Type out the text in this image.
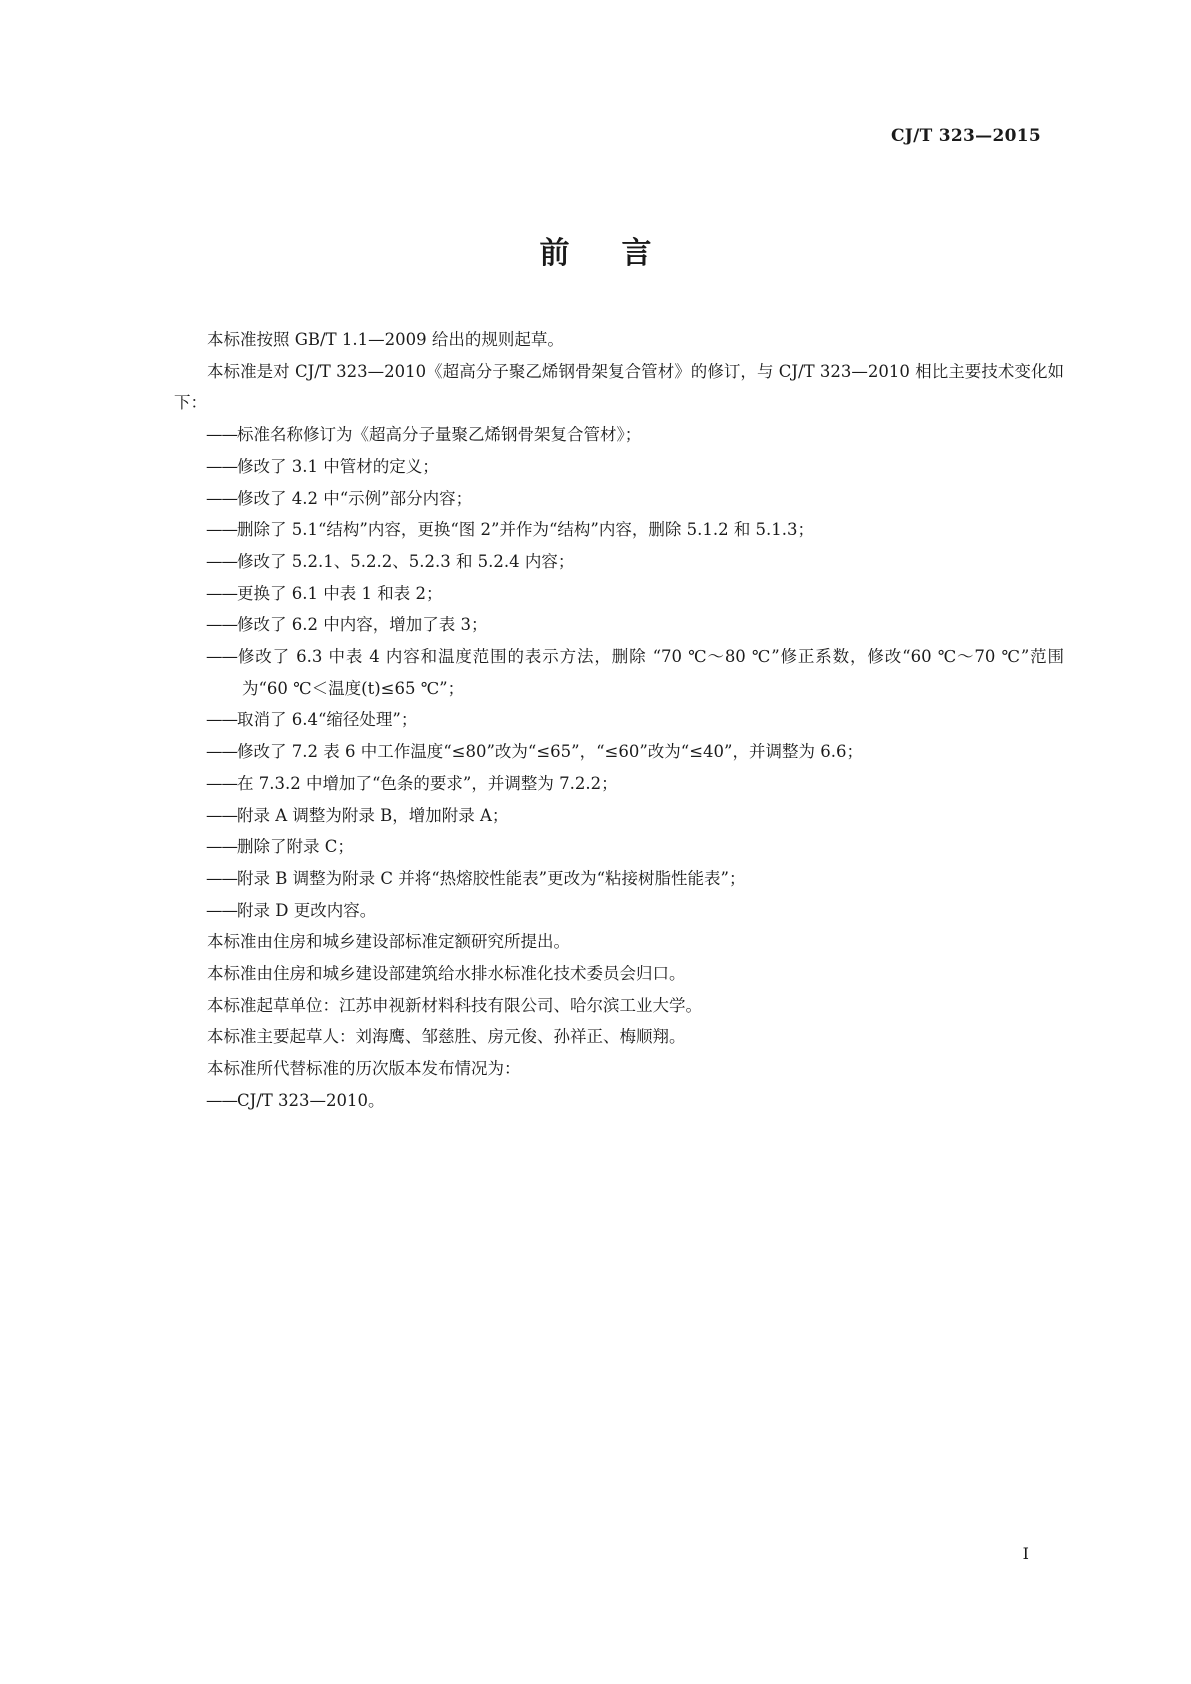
CJ/T 323—2015
前言

本标准按照 GB/T 1.1—2009 给出的规则起草。

本标准是对 CJ/T 323—2010《超高分子聚乙烯钢骨架复合管材》的修订，与 CJ/T 323—2010 相比主要技术变化如下：

——标准名称修订为《超高分子量聚乙烯钢骨架复合管材》；

——修改了 3.1 中管材的定义；

——修改了 4.2 中“示例”部分内容；

——删除了 5.1“结构”内容，更换“图 2”并作为“结构”内容，删除 5.1.2 和 5.1.3；

——修改了 5.2.1、5.2.2、5.2.3 和 5.2.4 内容；

——更换了 6.1 中表 1 和表 2；

——修改了 6.2 中内容，增加了表 3；

——修改了 6.3 中表 4 内容和温度范围的表示方法，删除 “70 ℃～80 ℃”修正系数，修改“60 ℃～70 ℃”范围为“60 ℃＜温度(t)≤65 ℃”；

——取消了 6.4“缩径处理”；

——修改了 7.2 表 6 中工作温度“≤80”改为“≤65”，“≤60”改为“≤40”，并调整为 6.6；

——在 7.3.2 中增加了“色条的要求”，并调整为 7.2.2；

——附录 A 调整为附录 B，增加附录 A；

——删除了附录 C；

——附录 B 调整为附录 C 并将“热熔胶性能表”更改为“粘接树脂性能表”；

——附录 D 更改内容。

本标准由住房和城乡建设部标准定额研究所提出。

本标准由住房和城乡建设部建筑给水排水标准化技术委员会归口。

本标准起草单位：江苏申视新材料科技有限公司、哈尔滨工业大学。

本标准主要起草人：刘海鹰、邹慈胜、房元俊、孙祥正、梅顺翔。

本标准所代替标准的历次版本发布情况为：

——CJ/T 323—2010。

I
